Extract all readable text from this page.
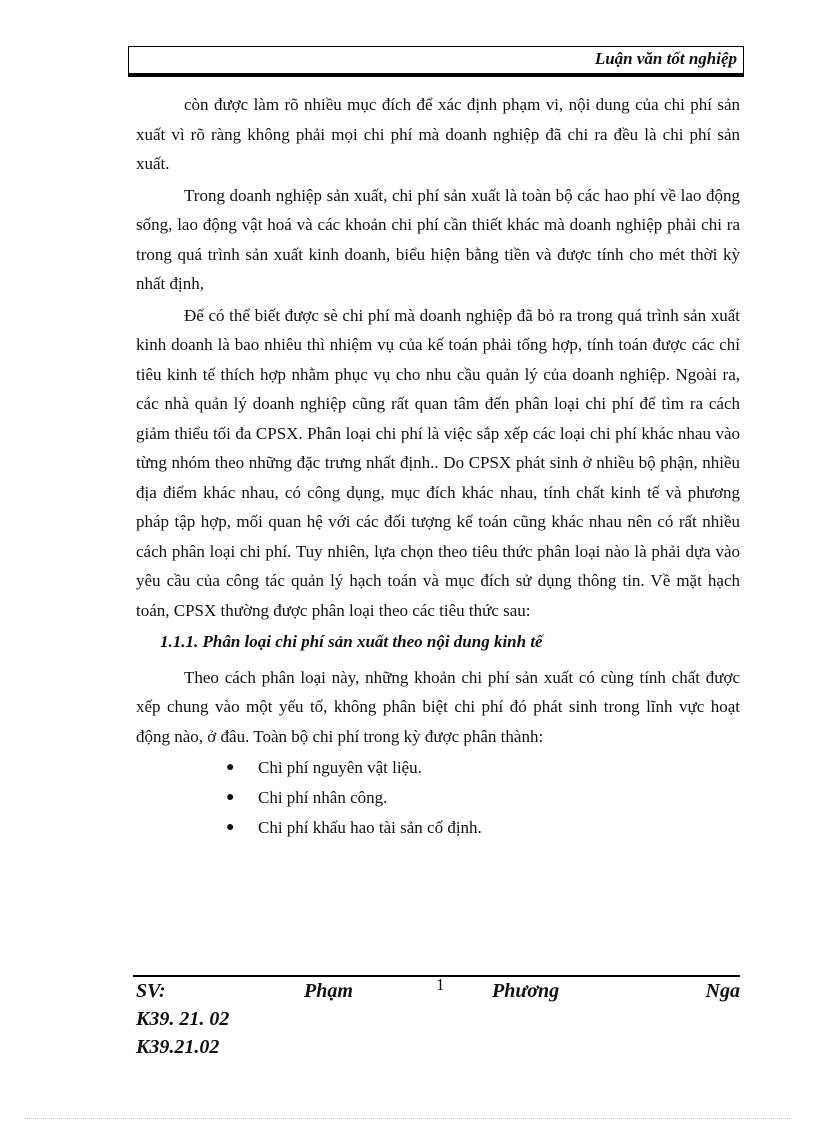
Luận văn tốt nghiệp

còn được làm rõ nhiều mục đích để xác định phạm vi, nội dung của chi phí sản xuất vì rõ ràng không phải mọi chi phí mà doanh nghiệp đã chi ra đều là chi phí sản xuất.

Trong doanh nghiệp sản xuất, chi phí sản xuất là toàn bộ các hao phí về lao động sống, lao động vật hoá và các khoản chi phí cần thiết khác mà doanh nghiệp phải chi ra trong quá trình sản xuất kinh doanh, biểu hiện bằng tiền và được tính cho mét thời kỳ nhất định,

Để có thể biết được sè chi phí mà doanh nghiệp đã bỏ ra trong quá trình sản xuất kinh doanh là bao nhiêu thì nhiệm vụ của kế toán phải tổng hợp, tính toán được các chỉ tiêu kinh tế thích hợp nhằm phục vụ cho nhu cầu quản lý của doanh nghiệp. Ngoài ra, các nhà quản lý doanh nghiệp cũng rất quan tâm đến phân loại chi phí để tìm ra cách giảm thiểu tối đa CPSX. Phân loại chi phí là việc sắp xếp các loại chi phí khác nhau vào từng nhóm theo những đặc trưng nhất định.. Do CPSX phát sinh ở nhiều bộ phận, nhiều địa điểm khác nhau, có công dụng, mục đích khác nhau, tính chất kinh tế và phương pháp tập hợp, mối quan hệ với các đối tượng kế toán cũng khác nhau nên có rất nhiều cách phân loại chi phí. Tuy nhiên, lựa chọn theo tiêu thức phân loại nào là phải dựa vào yêu cầu của công tác quản lý hạch toán và mục đích sử dụng thông tin. Về mặt hạch toán, CPSX thường được phân loại theo các tiêu thức sau:

1.1.1. Phân loại chi phí sản xuất theo nội dung kinh tế

Theo cách phân loại này, những khoản chi phí sản xuất có cùng tính chất được xếp chung vào một yếu tố, không phân biệt chi phí đó phát sinh trong lĩnh vực hoạt động nào, ở đâu. Toàn bộ chi phí trong kỳ được phân thành:

● Chi phí nguyên vật liệu.
● Chi phí nhân công.
● Chi phí khấu hao tài sản cố định.
SV:	Phạm	1 Phương	Nga
K39. 21. 02
K39.21.02
